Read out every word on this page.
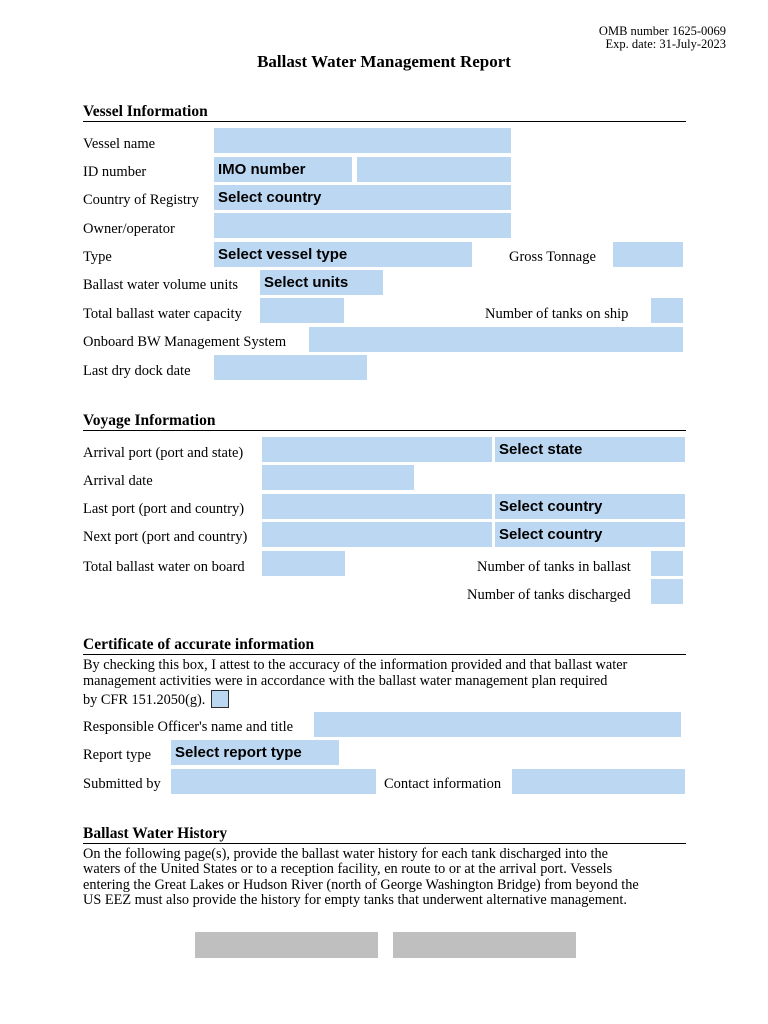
OMB number 1625-0069
Exp. date: 31-July-2023
Ballast Water Management Report
Vessel Information
Vessel name
ID number	IMO number
Country of Registry Select country
Owner/operator
Type	Select vessel type	Gross Tonnage
Ballast water volume units Select units
Total ballast water capacity	Number of tanks on ship
Onboard BW Management System
Last dry dock date
Voyage Information
Arrival port (port and state)	Select state
Arrival date
Last port (port and country)	Select country
Next port (port and country)	Select country
Total ballast water on board	Number of tanks in ballast
Number of tanks discharged
Certificate of accurate information
By checking this box, I attest to the accuracy of the information provided and that ballast water
management activities were in accordance with the ballast water management plan required
by CFR 151.2050(g).
Responsible Officer's name and title
Report type Select report type
Submitted by	Contact information
Ballast Water History
On the following page(s), provide the ballast water history for each tank discharged into the
waters of the United States or to a reception facility, en route to or at the arrival port. Vessels
entering the Great Lakes or Hudson River (north of George Washington Bridge) from beyond the
US EEZ must also provide the history for empty tanks that underwent alternative management.
